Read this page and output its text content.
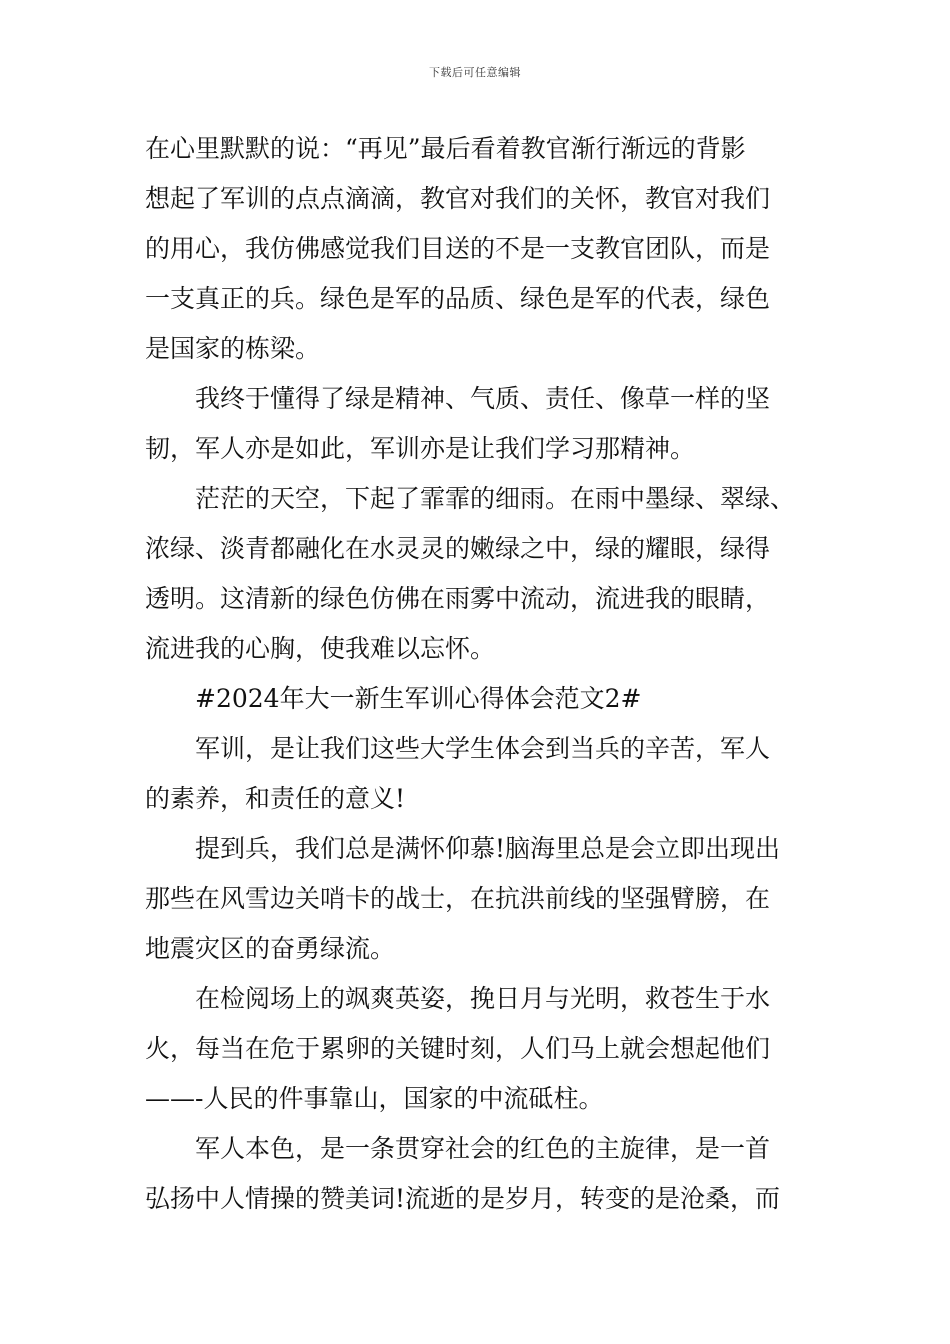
下载后可任意编辑
在心里默默的说：“再见”最后看着教官渐行渐远的背影
想起了军训的点点滴滴，教官对我们的关怀，教官对我们
的用心，我仿佛感觉我们目送的不是一支教官团队，而是
一支真正的兵。绿色是军的品质、绿色是军的代表，绿色
是国家的栋梁。
我终于懂得了绿是精神、气质、责任、像草一样的坚
韧，军人亦是如此，军训亦是让我们学习那精神。
茫茫的天空，下起了霏霏的细雨。在雨中墨绿、翠绿、
浓绿、淡青都融化在水灵灵的嫩绿之中，绿的耀眼，绿得
透明。这清新的绿色仿佛在雨雾中流动，流进我的眼睛，
流进我的心胸，使我难以忘怀。
#2024年大一新生军训心得体会范文2#
军训，是让我们这些大学生体会到当兵的辛苦，军人
的素养，和责任的意义!
提到兵，我们总是满怀仰慕!脑海里总是会立即出现出
那些在风雪边关哨卡的战士，在抗洪前线的坚强臂膀，在
地震灾区的奋勇绿流。
在检阅场上的飒爽英姿，挽日月与光明，救苍生于水
火，每当在危于累卵的关键时刻，人们马上就会想起他们
——-人民的件事靠山，国家的中流砥柱。
军人本色，是一条贯穿社会的红色的主旋律，是一首
弘扬中人情操的赞美词!流逝的是岁月，转变的是沧桑，而
